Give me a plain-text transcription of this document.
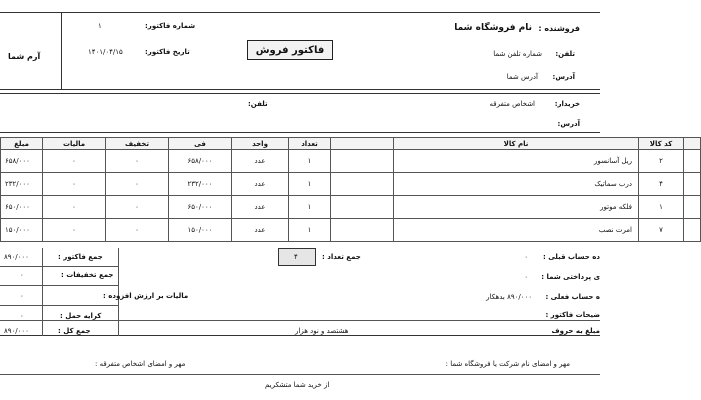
آرم شما
فروشنده :
نام فروشگاه شما
تلفن:
شماره تلفن شما
آدرس:
آدرس شما
فاکتور فروش
شماره فاکتور:
۱
تاریخ فاکتور:
۱۴۰۱/۰۴/۱۵
خریدار:
اشخاص متفرقه
تلفن:
آدرس:
مبلغ	مالیات	تخفیف	فی	واحد	تعداد		نام کالا	کد کالا	
۶۵۸/۰۰۰	۰	۰	۶۵۸/۰۰۰	عدد	۱		ریل آسانسور	۲	
۲۳۲/۰۰۰	۰	۰	۲۳۲/۰۰۰	عدد	۱		درب سماتیک	۴	
۶۵۰/۰۰۰	۰	۰	۶۵۰/۰۰۰	عدد	۱		فلکه موتور	۱	
۱۵۰/۰۰۰	۰	۰	۱۵۰/۰۰۰	عدد	۱		امرت نصب	۷	
۸۹۰/۰۰۰	جمع فاکتور :
۰	جمع تخفیفات :
۰	مالیات بر ارزش افزوده :
۰	کرایه حمل :
۴	جمع تعداد :	ده حساب قبلی :
۰
ی پرداختی شما :
۰
ه حساب فعلی :
۸۹۰/۰۰۰ بدهکار
ضیحات فاکتور :
۸۹۰/۰۰۰	جمع کل :	هشتصد و نود هزار	مبلغ به حروف
مهر و امضای نام شرکت یا فروشگاه شما :
مهر و امضای اشخاص متفرقه :
از خرید شما متشکریم
